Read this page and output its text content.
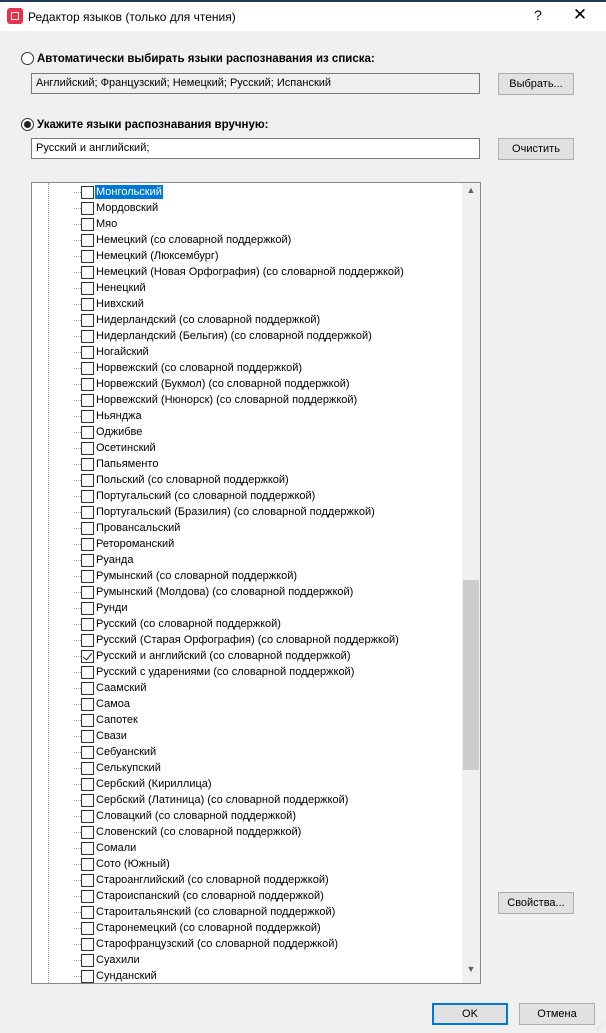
Редактор языков (только для чтения)	? ✕
Автоматически выбирать языки распознавания из списка:
Английский; Французский; Немецкий; Русский; Испанский	Выбрать...
Укажите языки распознавания вручную:
Русский и английский;	Очистить
Монгольский
Мордовский
Мяо
Немецкий (со словарной поддержкой)
Немецкий (Люксембург)
Немецкий (Новая Орфография) (со словарной поддержкой)
Ненецкий
Нивхский
Нидерландский (со словарной поддержкой)
Нидерландский (Бельгия) (со словарной поддержкой)
Ногайский
Норвежский (со словарной поддержкой)
Норвежский (Букмол) (со словарной поддержкой)
Норвежский (Нюнорск) (со словарной поддержкой)
Ньянджа
Оджибве
Осетинский
Папьяменто
Польский (со словарной поддержкой)
Португальский (со словарной поддержкой)
Португальский (Бразилия) (со словарной поддержкой)
Провансальский
Ретороманский
Руанда
Румынский (со словарной поддержкой)
Румынский (Молдова) (со словарной поддержкой)
Рунди
Русский (со словарной поддержкой)
Русский (Старая Орфография) (со словарной поддержкой)
Русский и английский (со словарной поддержкой)
Русский с ударениями (со словарной поддержкой)
Саамский
Самоа
Сапотек
Свази
Себуанский
Селькупский
Сербский (Кириллица)
Сербский (Латиница) (со словарной поддержкой)
Словацкий (со словарной поддержкой)
Словенский (со словарной поддержкой)
Сомали
Сото (Южный)
Староанглийский (со словарной поддержкой)
Староиспанский (со словарной поддержкой)
Староитальянский (со словарной поддержкой)
Старонемецкий (со словарной поддержкой)
Старофранцузский (со словарной поддержкой)
Суахили
Сунданский
▲
▼
Свойства...
OK	Отмена
⋰
